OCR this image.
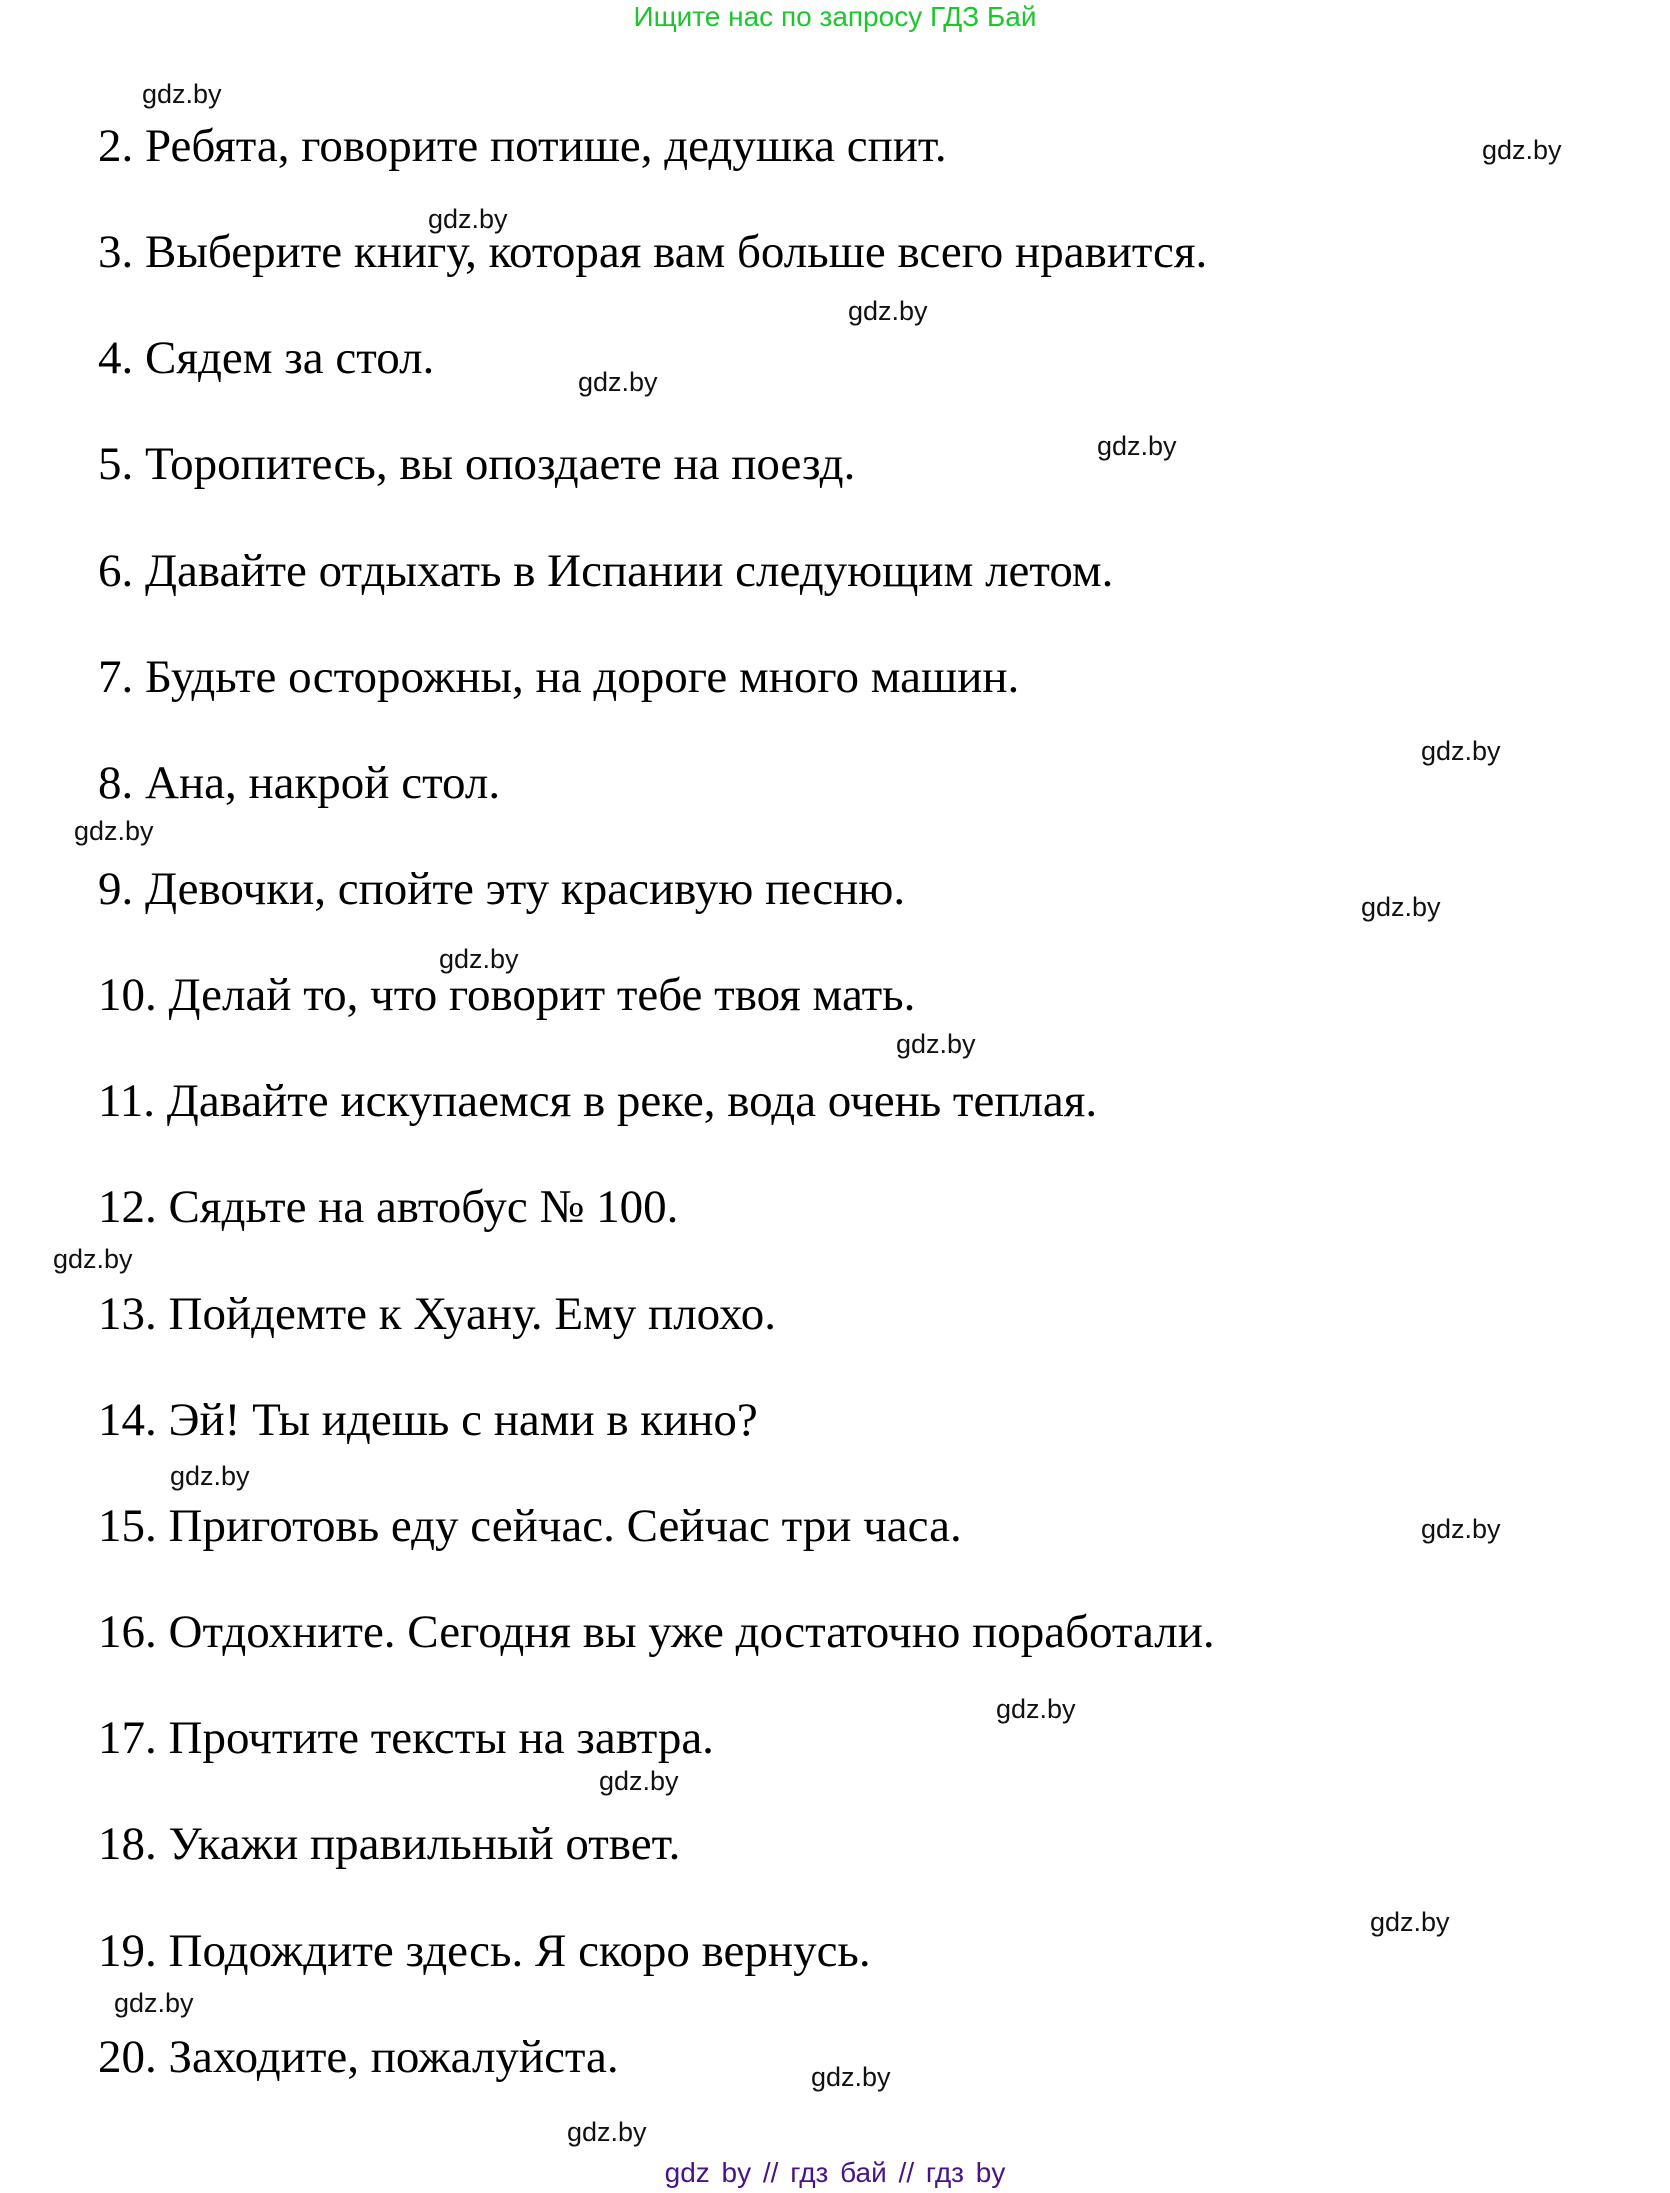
Ищите нас по запросу ГДЗ Бай
2. Ребята, говорите потише, дедушка спит.
3. Выберите книгу, которая вам больше всего нравится.
4. Сядем за стол.
5. Торопитесь, вы опоздаете на поезд.
6. Давайте отдыхать в Испании следующим летом.
7. Будьте осторожны, на дороге много машин.
8. Ана, накрой стол.
9. Девочки, спойте эту красивую песню.
10. Делай то, что говорит тебе твоя мать.
11. Давайте искупаемся в реке, вода очень теплая.
12. Сядьте на автобус № 100.
13. Пойдемте к Хуану. Ему плохо.
14. Эй! Ты идешь с нами в кино?
15. Приготовь еду сейчас. Сейчас три часа.
16. Отдохните. Сегодня вы уже достаточно поработали.
17. Прочтите тексты на завтра.
18. Укажи правильный ответ.
19. Подождите здесь. Я скоро вернусь.
20. Заходите, пожалуйста.
gdz.by
gdz.by
gdz.by
gdz.by
gdz.by
gdz.by
gdz.by
gdz.by
gdz.by
gdz.by
gdz.by
gdz.by
gdz.by
gdz.by
gdz.by
gdz.by
gdz.by
gdz.by
gdz.by
gdz.by
gdz by // гдз бай // гдз by
